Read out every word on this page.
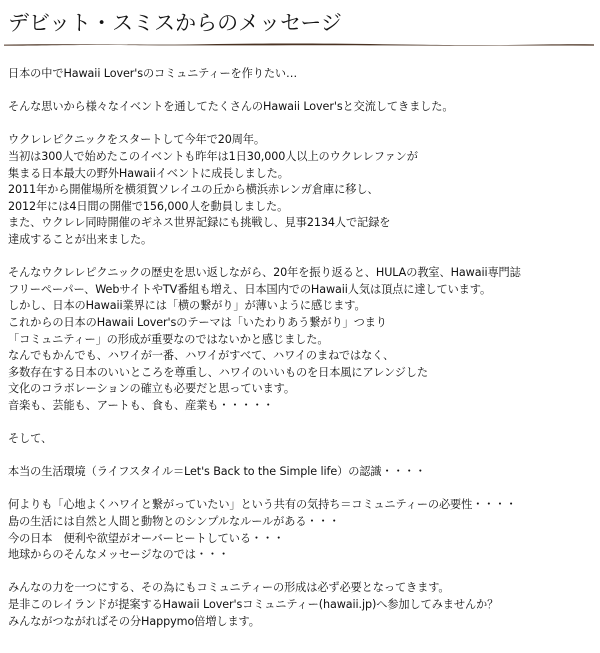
デビット・スミスからのメッセージ
日本の中でHawaii Lover'sのコミュニティーを作りたい…
そんな思いから様々なイベントを通してたくさんのHawaii Lover'sと交流してきました。
ウクレレピクニックをスタートして今年で20周年。
当初は300人で始めたこのイベントも昨年は1日30,000人以上のウクレレファンが
集まる日本最大の野外Hawaiiイベントに成長しました。
2011年から開催場所を横須賀ソレイユの丘から横浜赤レンガ倉庫に移し、
2012年には4日間の開催で156,000人を動員しました。
また、ウクレレ同時開催のギネス世界記録にも挑戦し、見事2134人で記録を
達成することが出来ました。
そんなウクレレピクニックの歴史を思い返しながら、20年を振り返ると、HULAの教室、Hawaii専門誌
フリーペーパー、WebサイトやTV番組も増え、日本国内でのHawaii人気は頂点に達しています。
しかし、日本のHawaii業界には「横の繋がり」が薄いように感じます。
これからの日本のHawaii Lover'sのテーマは「いたわりあう繋がり」つまり
「コミュニティー」の形成が重要なのではないかと感じました。
なんでもかんでも、ハワイが一番、ハワイがすべて、ハワイのまねではなく、
多数存在する日本のいいところを尊重し、ハワイのいいものを日本風にアレンジした
文化のコラボレーションの確立も必要だと思っています。
音楽も、芸能も、アートも、食も、産業も・・・・・
そして、
本当の生活環境（ライフスタイル＝Let's Back to the Simple life）の認識・・・・
何よりも「心地よくハワイと繋がっていたい」という共有の気持ち＝コミュニティーの必要性・・・・
島の生活には自然と人間と動物とのシンプルなルールがある・・・
今の日本　便利や欲望がオーバーヒートしている・・・
地球からのそんなメッセージなのでは・・・
みんなの力を一つにする、その為にもコミュニティーの形成は必ず必要となってきます。
是非このレイランドが提案するHawaii Lover'sコミュニティー(hawaii.jp)へ参加してみませんか？
みんながつながればその分Happymo倍増します。
